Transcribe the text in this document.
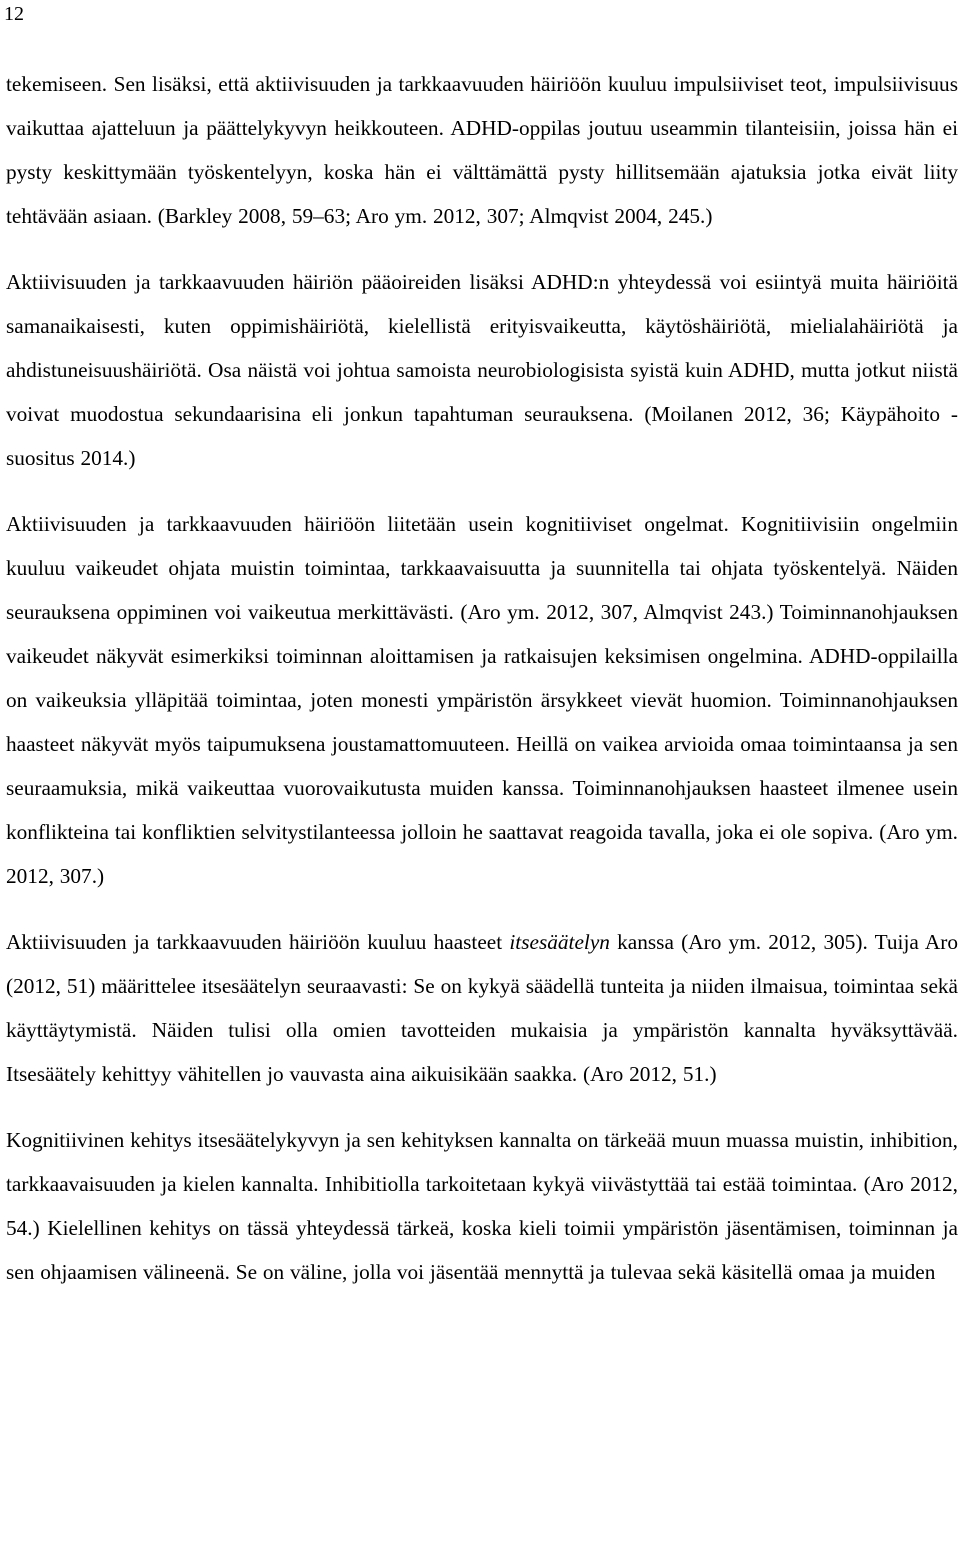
12

tekemiseen. Sen lisäksi, että aktiivisuuden ja tarkkaavuuden häiriöön kuuluu impulsiiviset teot, impulsiivisuus vaikuttaa ajatteluun ja päättelykyvyn heikkouteen. ADHD-oppilas joutuu useammin tilanteisiin, joissa hän ei pysty keskittymään työskentelyyn, koska hän ei välttämättä pysty hillitsemään ajatuksia jotka eivät liity tehtävään asiaan. (Barkley 2008, 59–63; Aro ym. 2012, 307; Almqvist 2004, 245.)

Aktiivisuuden ja tarkkaavuuden häiriön pääoireiden lisäksi ADHD:n yhteydessä voi esiintyä muita häiriöitä samanaikaisesti, kuten oppimishäiriötä, kielellistä erityisvaikeutta, käytöshäiriötä, mielialahäiriötä ja ahdistuneisuushäiriötä. Osa näistä voi johtua samoista neurobiologisista syistä kuin ADHD, mutta jotkut niistä voivat muodostua sekundaarisina eli jonkun tapahtuman seurauksena. (Moilanen 2012, 36; Käypähoito -suositus 2014.)

Aktiivisuuden ja tarkkaavuuden häiriöön liitetään usein kognitiiviset ongelmat. Kognitiivisiin ongelmiin kuuluu vaikeudet ohjata muistin toimintaa, tarkkaavaisuutta ja suunnitella tai ohjata työskentelyä. Näiden seurauksena oppiminen voi vaikeutua merkittävästi. (Aro ym. 2012, 307, Almqvist 243.) Toiminnanohjauksen vaikeudet näkyvät esimerkiksi toiminnan aloittamisen ja ratkaisujen keksimisen ongelmina. ADHD-oppilailla on vaikeuksia ylläpitää toimintaa, joten monesti ympäristön ärsykkeet vievät huomion. Toiminnanohjauksen haasteet näkyvät myös taipumuksena joustamattomuuteen. Heillä on vaikea arvioida omaa toimintaansa ja sen seuraamuksia, mikä vaikeuttaa vuorovaikutusta muiden kanssa. Toiminnanohjauksen haasteet ilmenee usein konflikteina tai konfliktien selvitystilanteessa jolloin he saattavat reagoida tavalla, joka ei ole sopiva. (Aro ym. 2012, 307.)

Aktiivisuuden ja tarkkaavuuden häiriöön kuuluu haasteet itsesäätelyn kanssa (Aro ym. 2012, 305). Tuija Aro (2012, 51) määrittelee itsesäätelyn seuraavasti: Se on kykyä säädellä tunteita ja niiden ilmaisua, toimintaa sekä käyttäytymistä. Näiden tulisi olla omien tavotteiden mukaisia ja ympäristön kannalta hyväksyttävää. Itsesäätely kehittyy vähitellen jo vauvasta aina aikuisikään saakka. (Aro 2012, 51.)

Kognitiivinen kehitys itsesäätelykyvyn ja sen kehityksen kannalta on tärkeää muun muassa muistin, inhibition, tarkkaavaisuuden ja kielen kannalta. Inhibitiolla tarkoitetaan kykyä viivästyttää tai estää toimintaa. (Aro 2012, 54.) Kielellinen kehitys on tässä yhteydessä tärkeä, koska kieli toimii ympäristön jäsentämisen, toiminnan ja sen ohjaamisen välineenä. Se on väline, jolla voi jäsentää mennyttä ja tulevaa sekä käsitellä omaa ja muiden
